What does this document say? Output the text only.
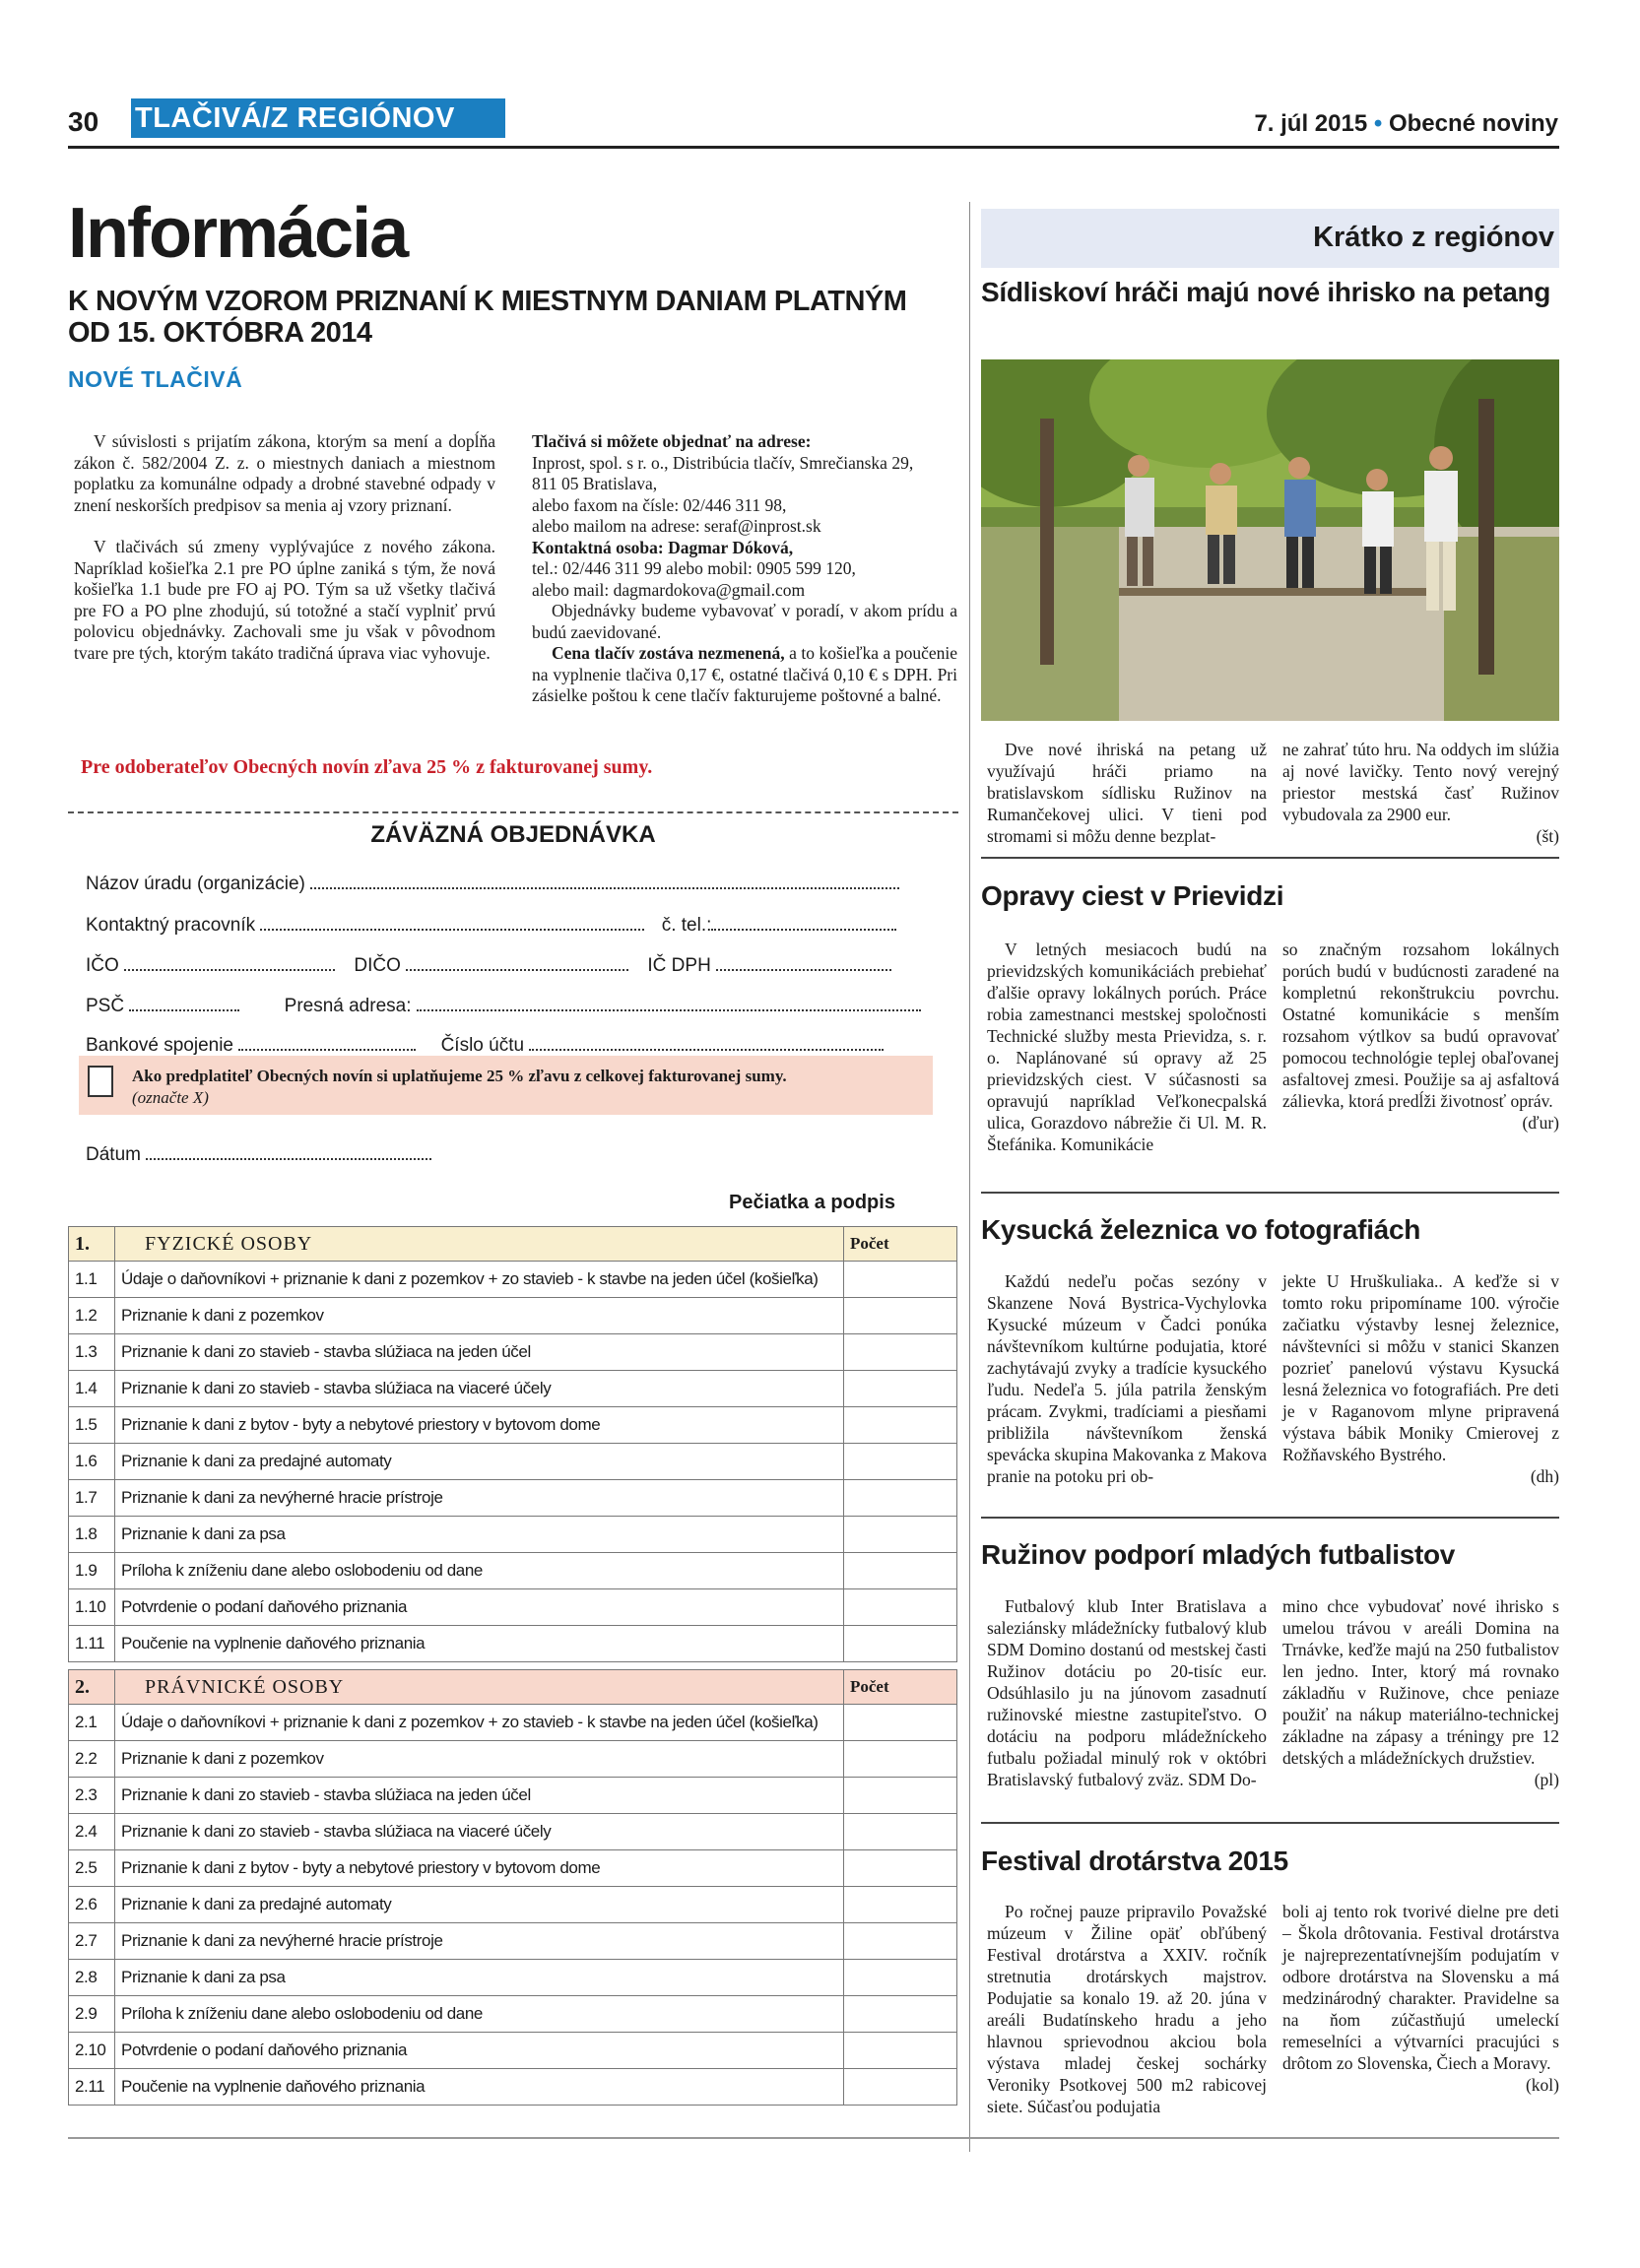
30 TLAČIVÁ/Z REGIÓNOV	7. júl 2015 • Obecné noviny
Informácia
K NOVÝM VZOROM PRIZNANÍ K MIESTNYM DANIAM PLATNÝM OD 15. OKTÓBRA 2014
NOVÉ TLAČIVÁ

V súvislosti s prijatím zákona, ktorým sa mení a dopĺňa zákon č. 582/2004 Z. z. o miestnych daniach a miestnom poplatku za komunálne odpady a drobné stavebné odpady v znení neskorších predpisov sa menia aj vzory priznaní.

V tlačivách sú zmeny vyplývajúce z nového zákona. Napríklad košieľka 2.1 pre PO úplne zaniká s tým, že nová košieľka 1.1 bude pre FO aj PO. Tým sa už všetky tlačivá pre FO a PO plne zhodujú, sú totožné a stačí vyplniť prvú polovicu objednávky. Zachovali sme ju však v pôvodnom tvare pre tých, ktorým takáto tradičná úprava viac vyhovuje.

Tlačivá si môžete objednať na adrese:
Inprost, spol. s r. o., Distribúcia tlačív, Smrečianska 29,
811 05 Bratislava,
alebo faxom na čísle: 02/446 311 98,
alebo mailom na adrese: seraf@inprost.sk
Kontaktná osoba: Dagmar Dóková,
tel.: 02/446 311 99 alebo mobil: 0905 599 120,
alebo mail: dagmardokova@gmail.com

Objednávky budeme vybavovať v poradí, v akom prídu a budú zaevidované.

Cena tlačív zostáva nezmenená, a to košieľka a poučenie na vyplnenie tlačiva 0,17 €, ostatné tlačivá 0,10 € s DPH. Pri zásielke poštou k cene tlačív fakturujeme poštovné a balné.

Pre odoberateľov Obecných novín zľava 25 % z fakturovanej sumy.
ZÁVÄZNÁ OBJEDNÁVKA
Názov úradu (organizácie)
Kontaktný pracovník	č. tel.:
IČO	DIČO	IČ DPH
PSČ	Presná adresa:
Bankové spojenie	Číslo účtu
Ako predplatiteľ Obecných novín si uplatňujeme 25 % zľavu z celkovej fakturovanej sumy.
(označte X)
Dátum
Pečiatka a podpis
1.	FYZICKÉ OSOBY	Počet
1.1	Údaje o daňovníkovi + priznanie k dani z pozemkov + zo stavieb - k stavbe na jeden účel (košieľka)	
1.2	Priznanie k dani z pozemkov	
1.3	Priznanie k dani zo stavieb - stavba slúžiaca na jeden účel	
1.4	Priznanie k dani zo stavieb - stavba slúžiaca na viaceré účely	
1.5	Priznanie k dani z bytov - byty a nebytové priestory v bytovom dome	
1.6	Priznanie k dani za predajné automaty	
1.7	Priznanie k dani za nevýherné hracie prístroje	
1.8	Priznanie k dani za psa	
1.9	Príloha k zníženiu dane alebo oslobodeniu od dane	
1.10	Potvrdenie o podaní daňového priznania	
1.11	Poučenie na vyplnenie daňového priznania	
2.	PRÁVNICKÉ OSOBY	Počet
2.1	Údaje o daňovníkovi + priznanie k dani z pozemkov + zo stavieb - k stavbe na jeden účel (košieľka)	
2.2	Priznanie k dani z pozemkov	
2.3	Priznanie k dani zo stavieb - stavba slúžiaca na jeden účel	
2.4	Priznanie k dani zo stavieb - stavba slúžiaca na viaceré účely	
2.5	Priznanie k dani z bytov - byty a nebytové priestory v bytovom dome	
2.6	Priznanie k dani za predajné automaty	
2.7	Priznanie k dani za nevýherné hracie prístroje	
2.8	Priznanie k dani za psa	
2.9	Príloha k zníženiu dane alebo oslobodeniu od dane	
2.10	Potvrdenie o podaní daňového priznania	
2.11	Poučenie na vyplnenie daňového priznania	
Krátko z regiónov
Sídliskoví hráči majú nové ihrisko na petang

Dve nové ihriská na petang už využívajú hráči priamo na bratislavskom sídlisku Ružinov na Rumančekovej ulici. V tieni pod stromami si môžu denne bezplat-

ne zahrať túto hru. Na oddych im slúžia aj nové lavičky. Tento nový verejný priestor mestská časť Ružinov vybudovala za 2900 eur.

(št)
Opravy ciest v Prievidzi

V letných mesiacoch budú na prievidzských komunikáciách prebiehať ďalšie opravy lokálnych porúch. Práce robia zamestnanci mestskej spoločnosti Technické služby mesta Prievidza, s. r. o. Naplánované sú opravy až 25 prievidzských ciest. V súčasnosti sa opravujú napríklad Veľkonecpalská ulica, Gorazdovo nábrežie či Ul. M. R. Štefánika. Komunikácie

so značným rozsahom lokálnych porúch budú v budúcnosti zaradené na kompletnú rekonštrukciu povrchu. Ostatné komunikácie s menším rozsahom výtlkov sa budú opravovať pomocou technológie teplej obaľovanej asfaltovej zmesi. Použije sa aj asfaltová zálievka, ktorá predĺži životnosť opráv.

(ďur)
Kysucká železnica vo fotografiách

Každú nedeľu počas sezóny v Skanzene Nová Bystrica-Vychylovka Kysucké múzeum v Čadci ponúka návštevníkom kultúrne podujatia, ktoré zachytávajú zvyky a tradície kysuckého ľudu. Nedeľa 5. júla patrila ženským prácam. Zvykmi, tradíciami a piesňami približila návštevníkom ženská spevácka skupina Makovanka z Makova pranie na potoku pri ob-

jekte U Hruškuliaka.. A keďže si v tomto roku pripomíname 100. výročie začiatku výstavby lesnej železnice, návštevníci si môžu v stanici Skanzen pozrieť panelovú výstavu Kysucká lesná železnica vo fotografiách. Pre deti je v Raganovom mlyne pripravená výstava bábik Moniky Cmierovej z Rožňavského Bystrého.

(dh)
Ružinov podporí mladých futbalistov

Futbalový klub Inter Bratislava a saleziánsky mládežnícky futbalový klub SDM Domino dostanú od mestskej časti Ružinov dotáciu po 20-tisíc eur. Odsúhlasilo ju na júnovom zasadnutí ružinovské miestne zastupiteľstvo. O dotáciu na podporu mládežníckeho futbalu požiadal minulý rok v októbri Bratislavský futbalový zväz. SDM Do-

mino chce vybudovať nové ihrisko s umelou trávou v areáli Domina na Trnávke, keďže majú na 250 futbalistov len jedno. Inter, ktorý má rovnako základňu v Ružinove, chce peniaze použiť na nákup materiálno-technickej základne na zápasy a tréningy pre 12 detských a mládežníckych družstiev.

(pl)
Festival drotárstva 2015

Po ročnej pauze pripravilo Považské múzeum v Žiline opäť obľúbený Festival drotárstva a XXIV. ročník stretnutia drotárskych majstrov. Podujatie sa konalo 19. až 20. júna v areáli Budatínskeho hradu a jeho hlavnou sprievodnou akciou bola výstava mladej českej sochárky Veroniky Psotkovej 500 m2 rabicovej siete. Súčasťou podujatia

boli aj tento rok tvorivé dielne pre deti – Škola drôtovania. Festival drotárstva je najreprezentatívnejším podujatím v odbore drotárstva na Slovensku a má medzinárodný charakter. Pravidelne sa na ňom zúčastňujú umeleckí remeselníci a výtvarníci pracujúci s drôtom zo Slovenska, Čiech a Moravy.

(kol)
